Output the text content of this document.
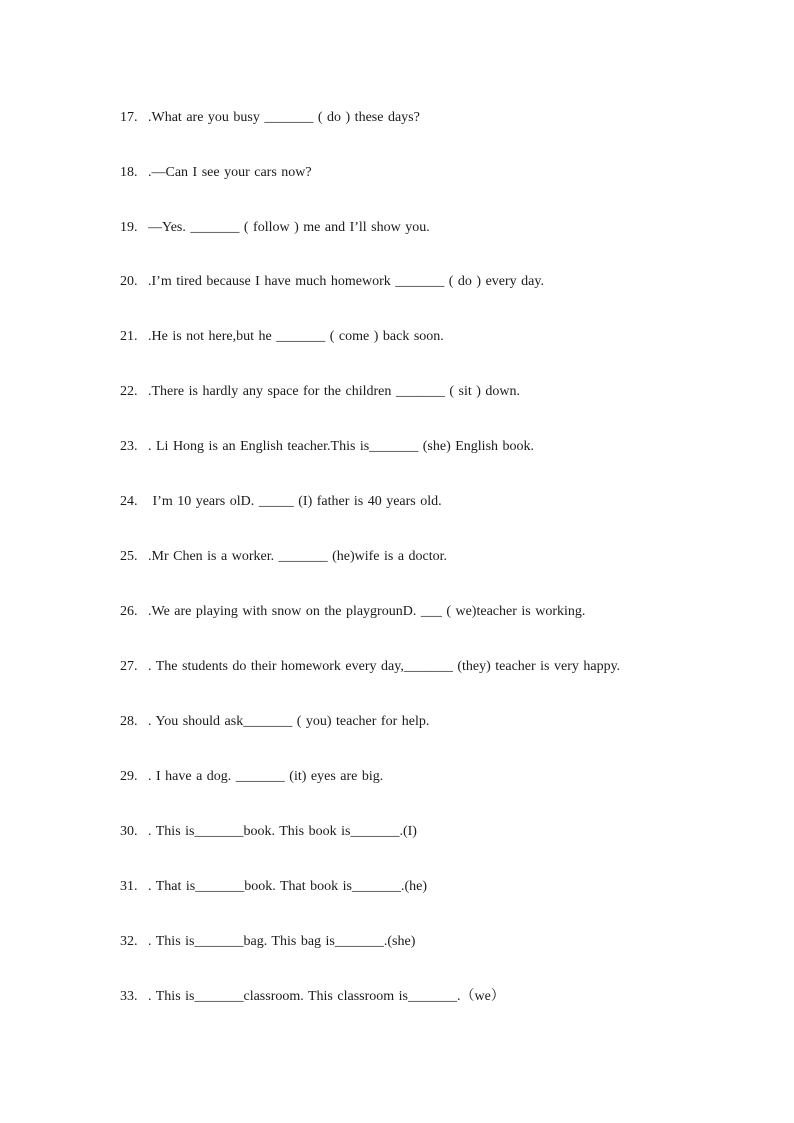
17. .What are you busy _______ ( do ) these days?
18. .—Can I see your cars now?
19. —Yes. _______ ( follow ) me and I’ll show you.
20. .I’m tired because I have much homework _______ ( do ) every day.
21. .He is not here,but he _______ ( come ) back soon.
22. .There is hardly any space for the children _______ ( sit ) down.
23. . Li Hong is an English teacher.This is_______ (she) English book.
24. I’m 10 years olD. _____ (I) father is 40 years old.
25. .Mr Chen is a worker. _______ (he)wife is a doctor.
26. .We are playing with snow on the playgrounD. ___ ( we)teacher is working.
27. . The students do their homework every day,_______ (they) teacher is very happy.
28. . You should ask_______ ( you) teacher for help.
29. . I have a dog. _______ (it) eyes are big.
30. . This is_______book. This book is_______.(I)
31. . That is_______book. That book is_______.(he)
32. . This is_______bag. This bag is_______.(she)
33. . This is_______classroom. This classroom is_______.（we）
